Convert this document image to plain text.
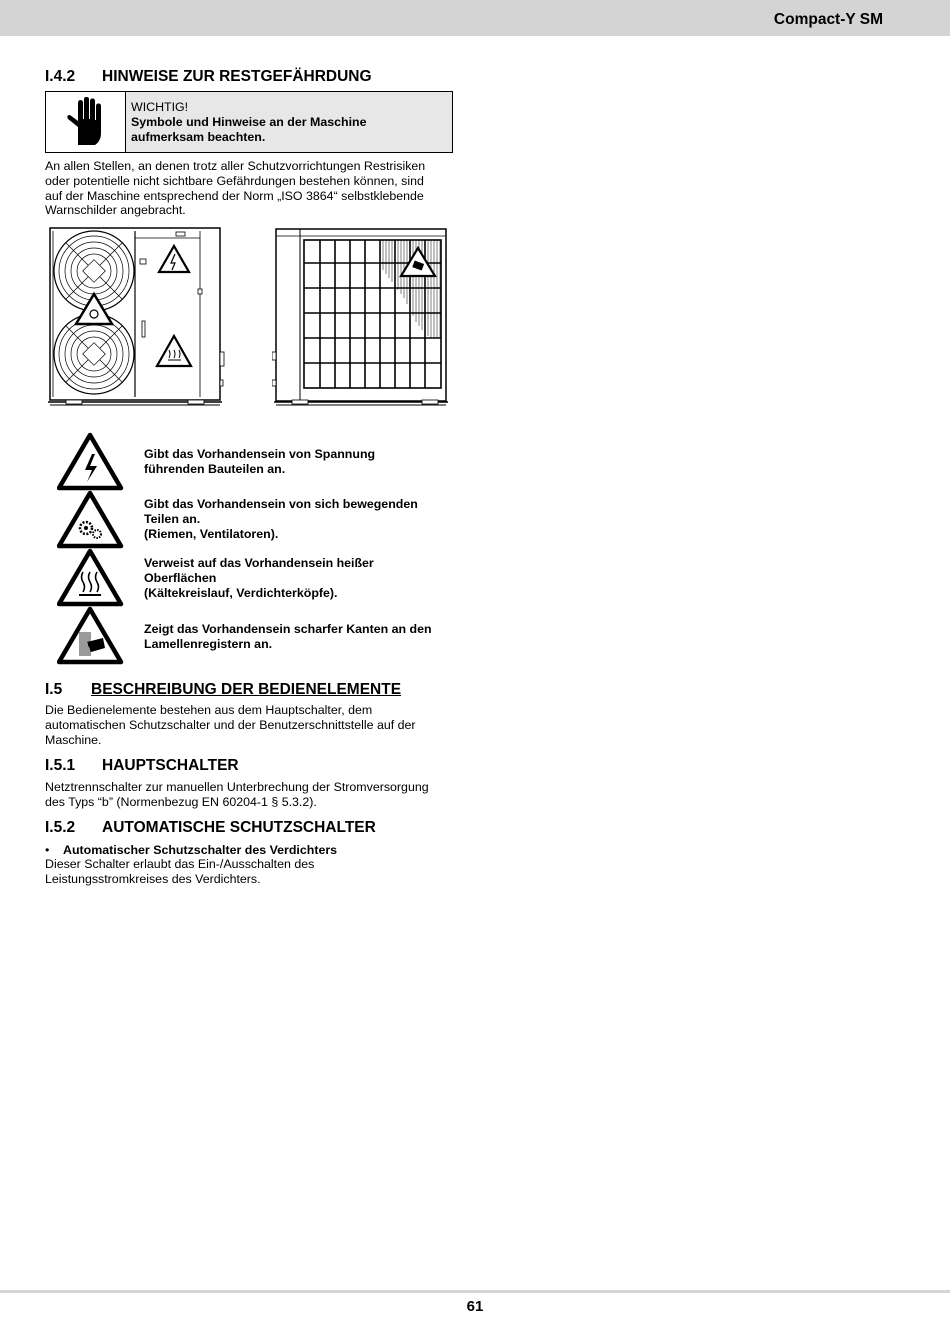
Compact-Y SM
I.4.2 HINWEISE ZUR RESTGEFÄHRDUNG
WICHTIG!
Symbole und Hinweise an der Maschine
aufmerksam beachten.
An allen Stellen, an denen trotz aller Schutzvorrichtungen Restrisiken
oder potentielle nicht sichtbare Gefährdungen bestehen können, sind
auf der Maschine entsprechend der Norm „ISO 3864“ selbstklebende
Warnschilder angebracht.
Gibt das Vorhandensein von Spannung
führenden Bauteilen an.
Gibt das Vorhandensein von sich bewegenden
Teilen an.
(Riemen, Ventilatoren).
Verweist auf das Vorhandensein heißer
Oberflächen
(Kältekreislauf, Verdichterköpfe).
Zeigt das Vorhandensein scharfer Kanten an den
Lamellenregistern an.
I.5 BESCHREIBUNG DER BEDIENELEMENTE
Die Bedienelemente bestehen aus dem Hauptschalter, dem
automatischen Schutzschalter und der Benutzerschnittstelle auf der
Maschine.
I.5.1 HAUPTSCHALTER
Netztrennschalter zur manuellen Unterbrechung der Stromversorgung
des Typs “b” (Normenbezug EN 60204-1 § 5.3.2).
I.5.2 AUTOMATISCHE SCHUTZSCHALTER
• Automatischer Schutzschalter des Verdichters
Dieser Schalter erlaubt das Ein-/Ausschalten des
Leistungsstromkreises des Verdichters.
61
